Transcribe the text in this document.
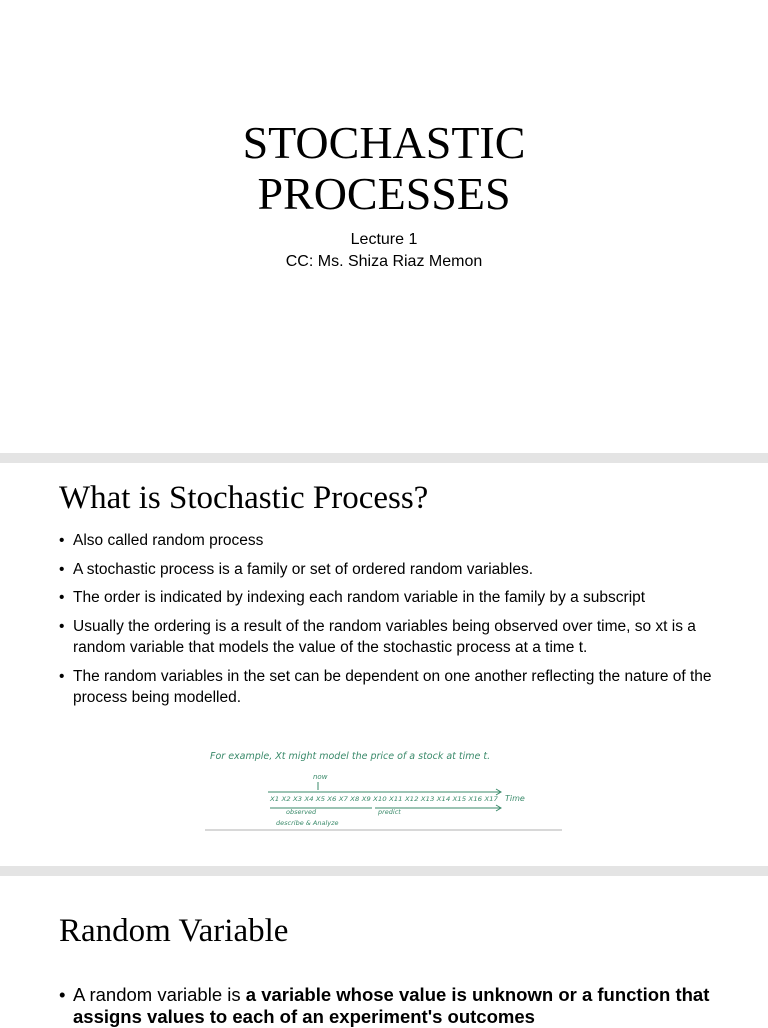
STOCHASTIC
PROCESSES
Lecture 1
CC: Ms. Shiza Riaz Memon
What is Stochastic Process?
• Also called random process
• A stochastic process is a family or set of ordered random variables.
• The order is indicated by indexing each random variable in the family by a subscript
• Usually the ordering is a result of the random variables being observed over time, so xt is a random variable that models the value of the stochastic process at a time t.
• The random variables in the set can be dependent on one another reflecting the nature of the process being modelled.
For example, Xt might model the price of a stock at time t.
now
X1 X2 X3 X4 X5 X6 X7 X8 X9 X10 X11 X12 X13 X14 X15 X16 X17 Time
observed	predict
describe & Analyze
Random Variable
• A random variable is a variable whose value is unknown or a function that assigns values to each of an experiment's outcomes
